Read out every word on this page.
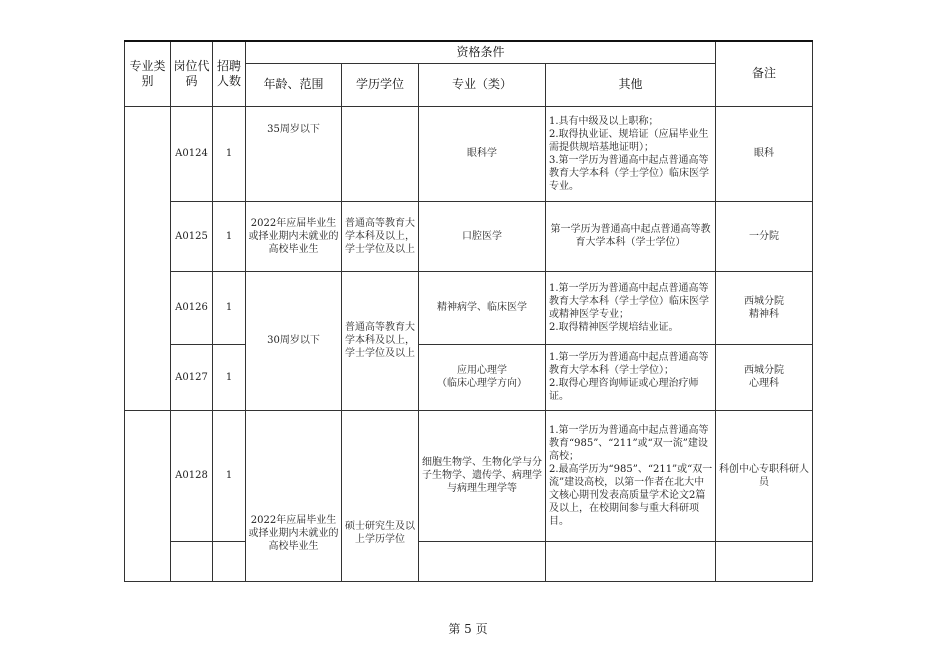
专业类别	岗位代码	招聘人数	资格条件				备注
			年龄、范围	学历学位	专业（类）	其他	
	A0124	1	35周岁以下		眼科学	1.具有中级及以上职称；
2.取得执业证、规培证（应届毕业生需提供规培基地证明）；
3.第一学历为普通高中起点普通高等教育大学本科（学士学位）临床医学专业。	眼科
	A0125	1	2022年应届毕业生或择业期内未就业的高校毕业生	普通高等教育大学本科及以上，学士学位及以上	口腔医学	第一学历为普通高中起点普通高等教育大学本科（学士学位）	一分院
	A0126	1	30周岁以下	普通高等教育大学本科及以上，学士学位及以上	精神病学、临床医学	1.第一学历为普通高中起点普通高等教育大学本科（学士学位）临床医学或精神医学专业；
2.取得精神医学规培结业证。	西城分院
精神科

	A0127	1			应用心理学
（临床心理学方向）	1.第一学历为普通高中起点普通高等教育大学本科（学士学位）；
2.取得心理咨询师证或心理治疗师证。	西城分院
心理科

	A0128	1	2022年应届毕业生或择业期内未就业的高校毕业生	硕士研究生及以上学历学位	细胞生物学、生物化学与分子生物学、遗传学、病理学与病理生理学等	1.第一学历为普通高中起点普通高等教育“985”、“211”或“双一流”建设高校；
2.最高学历为“985”、“211”或“双一流”建设高校，以第一作者在北大中文核心期刊发表高质量学术论文2篇及以上，在校期间参与重大科研项目。	科创中心专职科研人员

第 5 页
